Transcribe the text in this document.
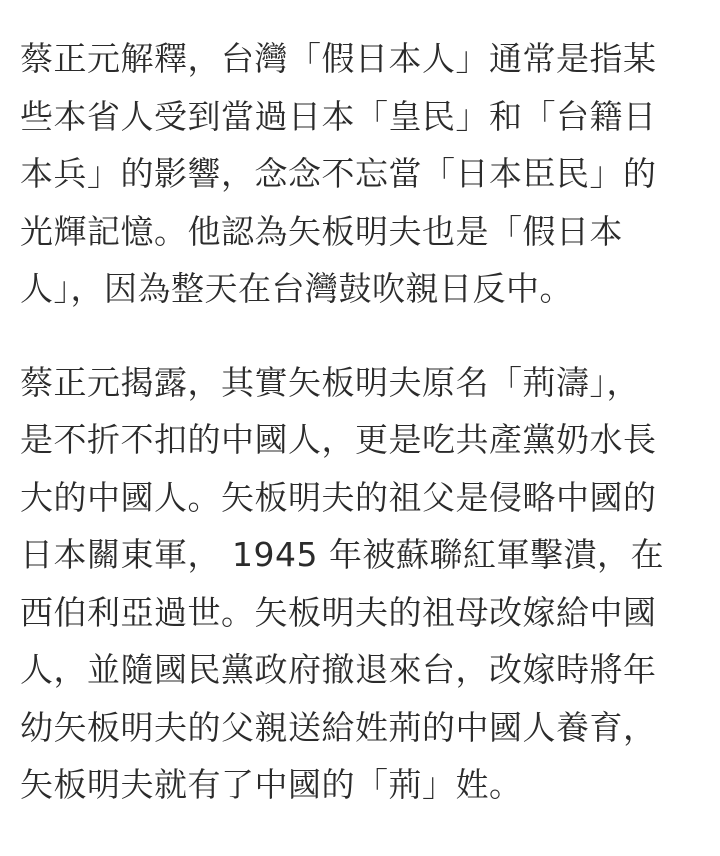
蔡正元解釋，台灣「假日本人」通常是指某
些本省人受到當過日本「皇民」和「台籍日
本兵」的影響，念念不忘當「日本臣民」的
光輝記憶。他認為矢板明夫也是「假日本
人」，因為整天在台灣鼓吹親日反中。

蔡正元揭露，其實矢板明夫原名「荊濤」，
是不折不扣的中國人，更是吃共產黨奶水長
大的中國人。矢板明夫的祖父是侵略中國的
日本關東軍， 1945 年被蘇聯紅軍擊潰，在
西伯利亞過世。矢板明夫的祖母改嫁給中國
人，並隨國民黨政府撤退來台，改嫁時將年
幼矢板明夫的父親送給姓荊的中國人養育，
矢板明夫就有了中國的「荊」姓。
